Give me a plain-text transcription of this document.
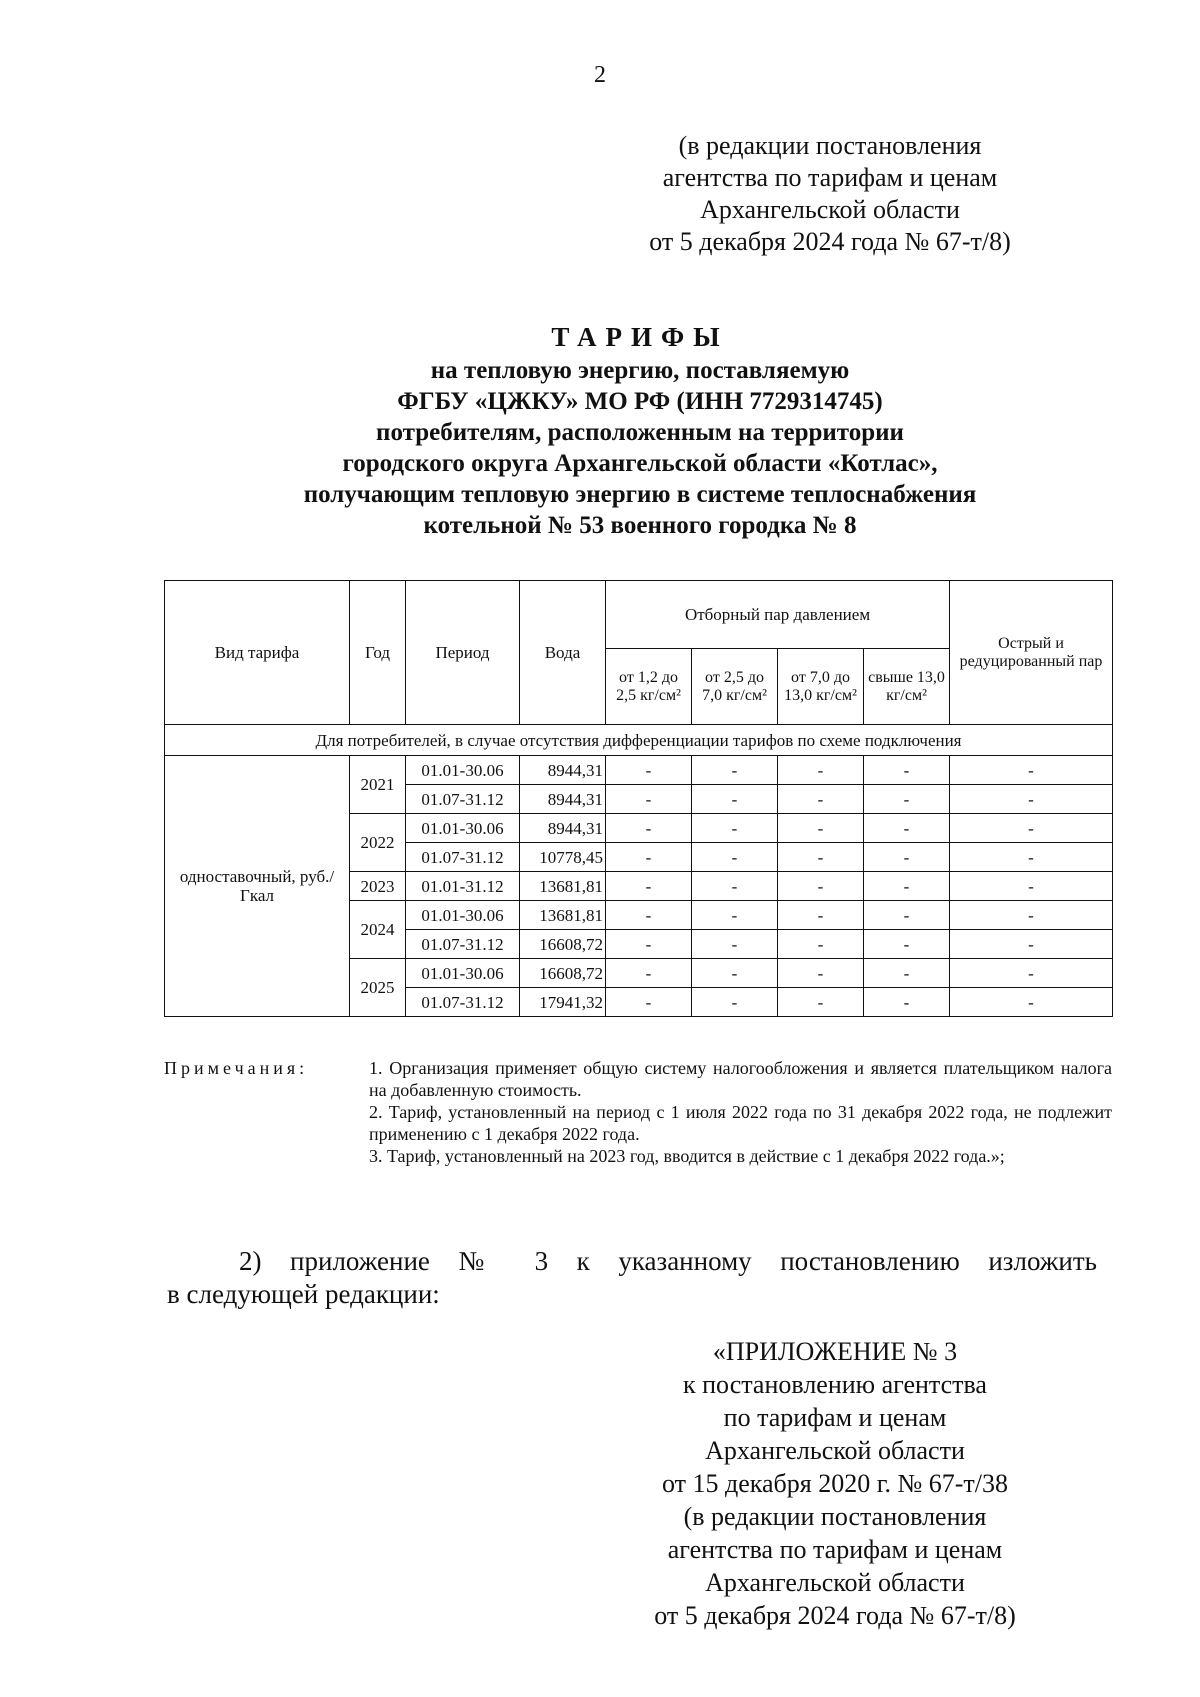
2
(в редакции постановления
агентства по тарифам и ценам
Архангельской области
от 5 декабря 2024 года № 67-т/8)
ТАРИФЫ
на тепловую энергию, поставляемую
ФГБУ «ЦЖКУ» МО РФ (ИНН 7729314745)
потребителям, расположенным на территории
городского округа Архангельской области «Котлас»,
получающим тепловую энергию в системе теплоснабжения
котельной № 53 военного городка № 8
Вид тарифа	Год	Период	Вода	Отборный пар давлением				Острый и редуцированный пар
				от 1,2 до 2,5 кг/см²	от 2,5 до 7,0 кг/см²	от 7,0 до 13,0 кг/см²	свыше 13,0 кг/см²	
Для потребителей, в случае отсутствия дифференциации тарифов по схеме подключения								
одноставочный, руб./Гкал	2021	01.01-30.06	8944,31	-	-	-	-	-
		01.07-31.12	8944,31	-	-	-	-	-
	2022	01.01-30.06	8944,31	-	-	-	-	-
		01.07-31.12	10778,45	-	-	-	-	-
	2023	01.01-31.12	13681,81	-	-	-	-	-
	2024	01.01-30.06	13681,81	-	-	-	-	-
		01.07-31.12	16608,72	-	-	-	-	-
	2025	01.01-30.06	16608,72	-	-	-	-	-
		01.07-31.12	17941,32	-	-	-	-	-
Примечания:	1. Организация применяет общую систему налогообложения и является плательщиком налога на добавленную стоимость.
2. Тариф, установленный на период с 1 июля 2022 года по 31 декабря 2022 года, не подлежит применению с 1 декабря 2022 года.
3. Тариф, установленный на 2023 год, вводится в действие с 1 декабря 2022 года.»;
2) приложение № 3 к указанному постановлению изложить
в следующей редакции:
«ПРИЛОЖЕНИЕ № 3
к постановлению агентства
по тарифам и ценам
Архангельской области
от 15 декабря 2020 г. № 67-т/38
(в редакции постановления
агентства по тарифам и ценам
Архангельской области
от 5 декабря 2024 года № 67-т/8)
